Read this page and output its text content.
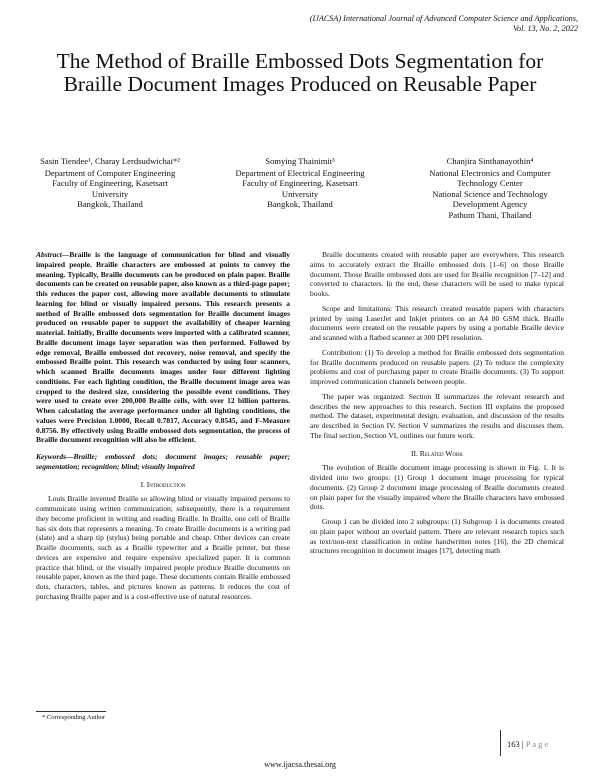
(IJACSA) International Journal of Advanced Computer Science and Applications,
Vol. 13, No. 2, 2022
The Method of Braille Embossed Dots Segmentation for Braille Document Images Produced on Reusable Paper
Sasin Tiendee¹, Charay Lerdsudwichai*²
Department of Computer Engineering
Faculty of Engineering, Kasetsart
University
Bangkok, Thailand
Somying Thainimit³
Department of Electrical Engineering
Faculty of Engineering, Kasetsart
University
Bangkok, Thailand
Chanjira Sinthanayothin⁴
National Electronics and Computer
Technology Center
National Science and Technology
Development Agency
Pathum Thani, Thailand
Abstract—Braille is the language of communication for blind and visually impaired people. Braille characters are embossed at points to convey the meaning. Typically, Braille documents can be produced on plain paper. Braille documents can be created on reusable paper, also known as a third-page paper; this reduces the paper cost, allowing more available documents to stimulate learning for blind or visually impaired persons. This research presents a method of Braille embossed dots segmentation for Braille document images produced on reusable paper to support the availability of cheaper learning material. Initially, Braille documents were imported with a calibrated scanner, Braille document image layer separation was then performed. Followed by edge removal, Braille embossed dot recovery, noise removal, and specify the embossed Braille point. This research was conducted by using four scanners, which scanned Braille documents images under four different lighting conditions. For each lighting condition, the Braille document image area was cropped to the desired size, considering the possible event conditions. They were used to create over 200,000 Braille cells, with over 12 billion patterns. When calculating the average performance under all lighting conditions, the values were Precision 1.0000, Recall 0.7817, Accuracy 0.8545, and F-Measure 0.8756. By effectively using Braille embossed dots segmentation, the process of Braille document recognition will also be efficient.
Keywords—Braille; embossed dots; document images; reusable paper; segmentation; recognition; blind; visually impaired
I. Introduction

Louis Braille invented Braille so allowing blind or visually impaired persons to communicate using written communication; subsequently, there is a requirement they become proficient in writing and reading Braille. In Braille, one cell of Braille has six dots that represents a meaning. To create Braille documents is a writing pad (slate) and a sharp tip (stylus) being portable and cheap. Other devices can create Braille documents, such as a Braille typewriter and a Braille printer, but these devices are expensive and require expensive specialized paper. It is common practice that blind, or the visually impaired people produce Braille documents on reusable paper, known as the third page. These documents contain Braille embossed dots, characters, tables, and pictures known as patterns. It reduces the cost of purchasing Braille paper and is a cost-effective use of natural resources.

Braille documents created with reusable paper are everywhere. This research aims to accurately extract the Braille embossed dots [1–6] on those Braille document. Those Braille embossed dots are used for Braille recognition [7–12] and converted to characters. In the end, these characters will be used to make typical books.

Scope and limitations: This research created reusable papers with characters printed by using LaserJet and Inkjet printers on an A4 80 GSM thick. Braille documents were created on the reusable papers by using a portable Braille device and scanned with a flatbed scanner at 300 DPI resolution.

Contribution: (1) To develop a method for Braille embossed dots segmentation for Braille documents produced on reusable papers. (2) To reduce the complexity problems and cost of purchasing paper to create Braille documents. (3) To support improved communication channels between people.

The paper was organized: Section II summarizes the relevant research and describes the new approaches to this research. Section III explains the proposed method. The dataset, experimental design, evaluation, and discussion of the results are described in Section IV. Section V summarizes the results and discusses them. The final section, Section VI, outlines our future work.

II. Related Work

The evolution of Braille document image processing is shown in Fig. 1. It is divided into two groups: (1) Group 1 document image processing for typical documents. (2) Group 2 document image processing of Braille documents created on plain paper for the visually impaired where the Braille characters have embossed dots.

Group 1 can be divided into 2 subgroups: (1) Subgroup 1 is documents created on plain paper without an overlaid pattern. There are relevant research topics such as text/non-text classification in online handwritten notes [16], the 2D chemical structures recognition in document images [17], detecting math

* Corresponding Author
163 | P a g e
www.ijacsa.thesai.org
